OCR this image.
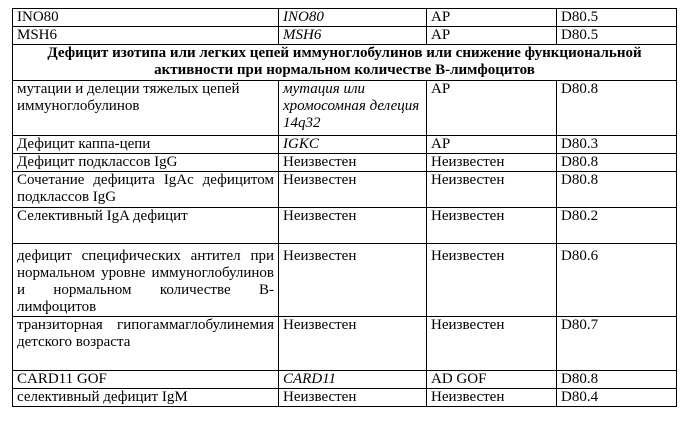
INO80	INO80	AP	D80.5
MSH6	MSH6	AP	D80.5
Дефицит изотипа или легких цепей иммуноглобулинов или снижение функциональной активности при нормальном количестве B-лимфоцитов			
мутации и делеции тяжелых цепей иммуноглобулинов	мутация или хромосомная делеция 14q32	AP	D80.8
Дефицит каппа-цепи	IGKC	AP	D80.3
Дефицит подклассов IgG	Неизвестен	Неизвестен	D80.8
Сочетание дефицита IgAc дефицитом подклассов IgG	Неизвестен	Неизвестен	D80.8
Селективный IgA дефицит	Неизвестен	Неизвестен	D80.2
дефицит специфических антител при нормальном уровне иммуноглобулинов и нормальном количестве B-лимфоцитов	Неизвестен	Неизвестен	D80.6
транзиторная гипогаммаглобулинемия детского возраста	Неизвестен	Неизвестен	D80.7
CARD11 GOF	CARD11	AD GOF	D80.8
селективный дефицит IgM	Неизвестен	Неизвестен	D80.4
